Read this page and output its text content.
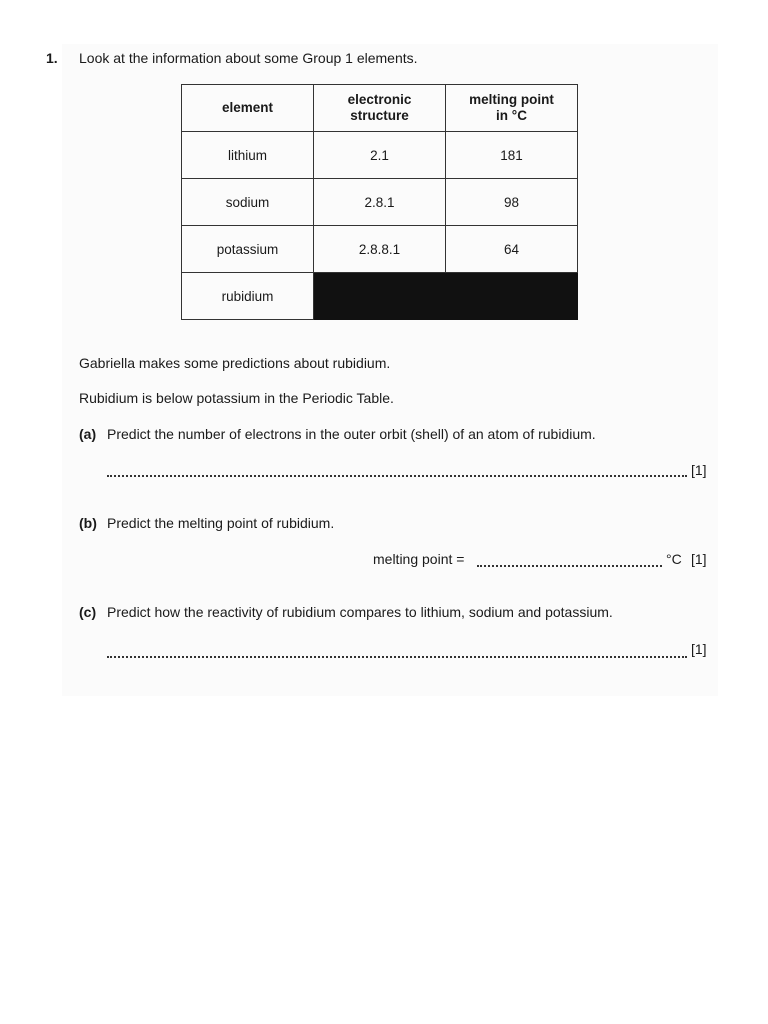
1. Look at the information about some Group 1 elements.
element	electronic structure	melting point in °C

lithium	2.1	181
sodium	2.8.1	98
potassium	2.8.8.1	64
rubidium		
Gabriella makes some predictions about rubidium.
Rubidium is below potassium in the Periodic Table.
(a) Predict the number of electrons in the outer orbit (shell) of an atom of rubidium.
[1]
(b) Predict the melting point of rubidium.
melting point =	°C [1]
(c) Predict how the reactivity of rubidium compares to lithium, sodium and potassium.
[1]
